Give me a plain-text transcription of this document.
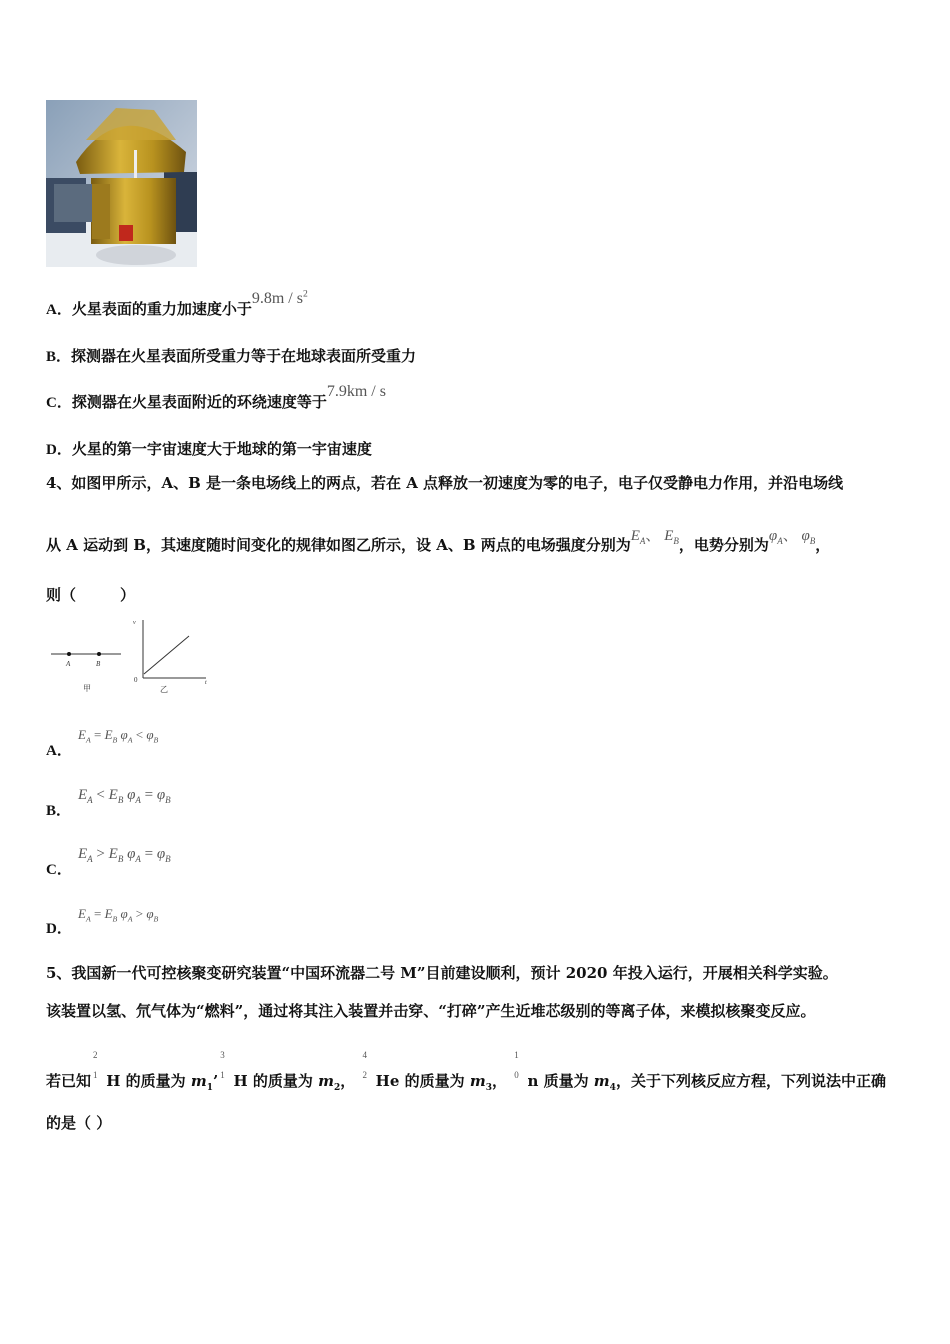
A．火星表面的重力加速度小于$9.8m / s^2$
B．探测器在火星表面所受重力等于在地球表面所受重力
C．探测器在火星表面附近的环绕速度等于7.9km / s
D．火星的第一宇宙速度大于地球的第一宇宙速度
4、如图甲所示，A、B 是一条电场线上的两点，若在 A 点释放一初速度为零的电子，电子仅受静电力作用，并沿电场线
从 A 运动到 B，其速度随时间变化的规律如图乙所示，设 A、B 两点的电场强度分别为$E_A$、 $E_B$，电势分别为$\varphi_A$、 $\varphi_B$，
则（	）
A	B
甲
v
t
0
乙
A．
$E_A = E_B$ $\varphi_A < \varphi_B$
B．
$E_A < E_B$ $\varphi_A = \varphi_B$
C．
$E_A > E_B$ $\varphi_A = \varphi_B$
D．
$E_A = E_B$ $\varphi_A > \varphi_B$
5、我国新一代可控核聚变研究装置“中国环流器二号 M”目前建设顺利，预计 2020 年投入运行，开展相关科学实验。
该装置以氢、氘气体为“燃料”，通过将其注入装置并击穿、“打碎”产生近堆芯级别的等离子体，来模拟核聚变反应。
若已知
2
1 H 的质量为 $m_1$’
3
1 H 的质量为 $m_2$，
4
2 He 的质量为 $m_3$，
1
0 n 质量为 $m_4$，关于下列核反应方程，下列说法中正确
的是（ ）
